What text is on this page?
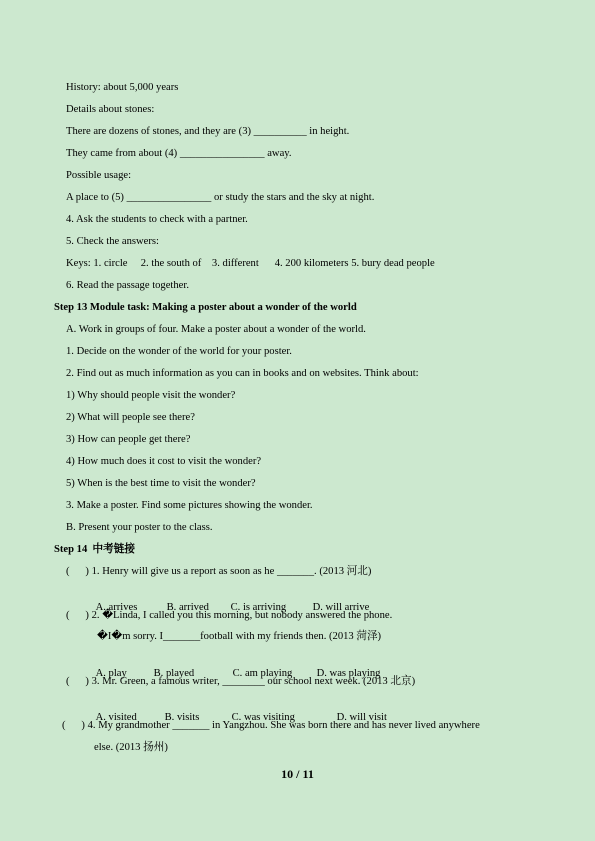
History: about 5,000 years
Details about stones:
There are dozens of stones, and they are (3) __________ in height.
They came from about (4) ________________ away.
Possible usage:
A place to (5) ________________ or study the stars and the sky at night.
4. Ask the students to check with a partner.
5. Check the answers:
Keys: 1. circle     2. the south of    3. different      4. 200 kilometers 5. bury dead people
6. Read the passage together.
Step 13 Module task: Making a poster about a wonder of the world
A. Work in groups of four. Make a poster about a wonder of the world.
1. Decide on the wonder of the world for your poster.
2. Find out as much information as you can in books and on websites. Think about:
1) Why should people visit the wonder?
2) What will people see there?
3) How can people get there?
4) How much does it cost to visit the wonder?
5) When is the best time to visit the wonder?
3. Make a poster. Find some pictures showing the wonder.
B. Present your poster to the class.
Step 14  中考链接
(      ) 1. Henry will give us a report as soon as he _______. (2013 河北)

A. arrives	B. arrived C. is arriving D. will arrive

(      ) 2. �Linda, I called you this morning, but nobody answered the phone.
�I�m sorry. I_______football with my friends then. (2013 菏泽)

A. play	B. played	C. am playing D. was playing

(      ) 3. Mr. Green, a famous writer, ________ our school next week. (2013 北京)

A. visited	B. visits	C. was visiting	D. will visit

(      ) 4. My grandmother _______ in Yangzhou. She was born there and has never lived anywhere
else. (2013 扬州)
10 / 11
